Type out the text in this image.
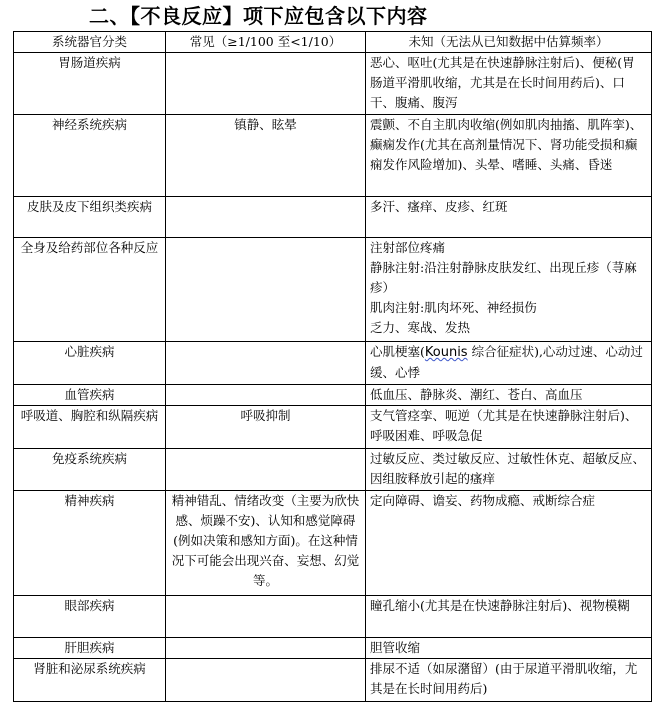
二、【不良反应】项下应包含以下内容
系统器官分类	常见（≥1/100 至<1/10）	未知（无法从已知数据中估算频率）
胃肠道疾病		恶心、呕吐(尤其是在快速静脉注射后)、便秘(胃肠道平滑肌收缩，尤其是在长时间用药后)、口干、腹痛、腹泻

神经系统疾病	镇静、眩晕	震颤、不自主肌肉收缩(例如肌肉抽搐、肌阵挛)、癫痫发作(尤其在高剂量情况下、肾功能受损和癫痫发作风险增加)、头晕、嗜睡、头痛、昏迷

皮肤及皮下组织类疾病		多汗、瘙痒、皮疹、红斑

全身及给药部位各种反应		注射部位疼痛
静脉注射:沿注射静脉皮肤发红、出现丘疹（荨麻疹）
肌肉注射:肌肉坏死、神经损伤
乏力、寒战、发热

心脏疾病		心肌梗塞(Kounis 综合征症状),心动过速、心动过缓、心悸
血管疾病		低血压、静脉炎、潮红、苍白、高血压

呼吸道、胸腔和纵隔疾病	呼吸抑制	支气管痉挛、呃逆（尤其是在快速静脉注射后)、呼吸困难、呼吸急促

免疫系统疾病		过敏反应、类过敏反应、过敏性休克、超敏反应、因组胺释放引起的瘙痒

精神疾病	精神错乱、情绪改变（主要为欣快感、烦躁不安)、认知和感觉障碍(例如决策和感知方面)。在这种情况下可能会出现兴奋、妄想、幻觉等。	定向障碍、谵妄、药物成瘾、戒断综合症

眼部疾病		瞳孔缩小(尤其是在快速静脉注射后)、视物模糊

肝胆疾病		胆管收缩

肾脏和泌尿系统疾病		排尿不适（如尿潴留）(由于尿道平滑肌收缩，尤其是在长时间用药后)
